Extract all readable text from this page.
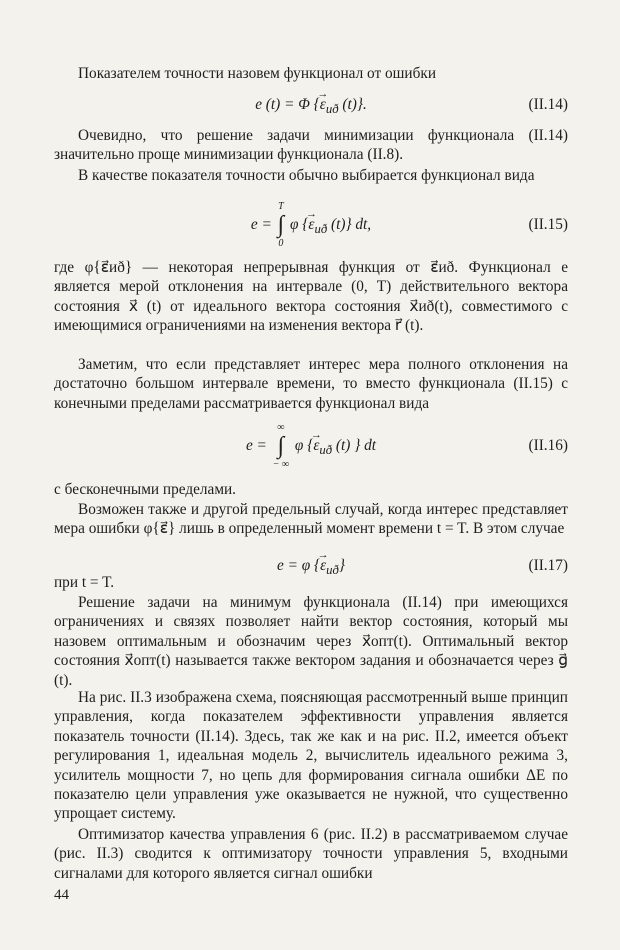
Показателем точности назовем функционал от ошибки

e (t) = Φ {→ $\varepsilon_{иð}$ (t)}.	(II.14)

Очевидно, что решение задачи минимизации функционала (II.14) значительно проще минимизации функционала (II.8).

В качестве показателя точности обычно выбирается функционал вида

e = T
∫
0 φ {→ $\varepsilon_{иð}$ (t)} dt,	(II.15)

где φ{ε⃗иð} — некоторая непрерывная функция от ε⃗иð. Функционал e является мерой отклонения на интервале (0, T) действительного вектора состояния x⃗ (t) от идеального вектора состояния x⃗иð(t), совместимого с имеющимися ограничениями на изменения вектора r⃗ (t).

Заметим, что если представляет интерес мера полного отклонения на достаточно большом интервале времени, то вместо функционала (II.15) с конечными пределами рассматривается функционал вида

e = ∞
∫
− ∞ φ {→ $\varepsilon_{иð}$ (t) } dt	(II.16)

с бесконечными пределами.

Возможен также и другой предельный случай, когда интерес представляет мера ошибки φ{ε⃗} лишь в определенный момент времени t = T. В этом случае

e = φ {→ $\varepsilon_{иð}$}	(II.17)

при t = T.

Решение задачи на минимум функционала (II.14) при имеющихся ограничениях и связях позволяет найти вектор состояния, который мы назовем оптимальным и обозначим через x⃗опт(t). Оптимальный вектор состояния x⃗опт(t) называется также вектором задания и обозначается через g⃗ (t).

На рис. II.3 изображена схема, поясняющая рассмотренный выше принцип управления, когда показателем эффективности управления является показатель точности (II.14). Здесь, так же как и на рис. II.2, имеется объект регулирования 1, идеальная модель 2, вычислитель идеального режима 3, усилитель мощности 7, но цепь для формирования сигнала ошибки ΔE по показателю цели управления уже оказывается не нужной, что существенно упрощает систему.

Оптимизатор качества управления 6 (рис. II.2) в рассматриваемом случае (рис. II.3) сводится к оптимизатору точности управления 5, входными сигналами для которого является сигнал ошибки

44
